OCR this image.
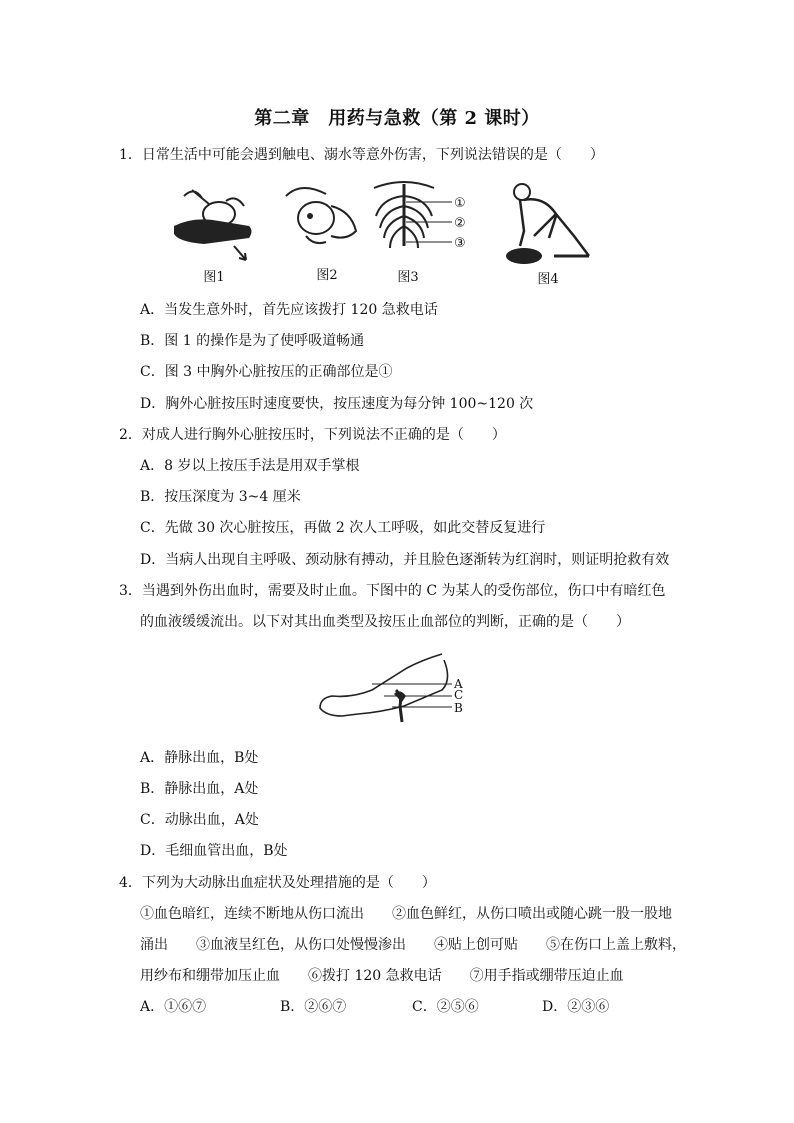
第二章　用药与急救（第 2 课时）
1．日常生活中可能会遇到触电、溺水等意外伤害，下列说法错误的是（　　）
①
②
③
图1	图2	图3	图4
A．当发生意外时，首先应该拨打 120 急救电话
B．图 1 的操作是为了使呼吸道畅通
C．图 3 中胸外心脏按压的正确部位是①
D．胸外心脏按压时速度要快，按压速度为每分钟 100~120 次
2．对成人进行胸外心脏按压时，下列说法不正确的是（　　）
A．8 岁以上按压手法是用双手掌根
B．按压深度为 3~4 厘米
C．先做 30 次心脏按压，再做 2 次人工呼吸，如此交替反复进行
D．当病人出现自主呼吸、颈动脉有搏动，并且脸色逐渐转为红润时，则证明抢救有效
3．当遇到外伤出血时，需要及时止血。下图中的 C 为某人的受伤部位，伤口中有暗红色
的血液缓缓流出。以下对其出血类型及按压止血部位的判断，正确的是（　　）
A
C
B
A．静脉出血，B处
B．静脉出血，A处
C．动脉出血，A处
D．毛细血管出血，B处
4．下列为大动脉出血症状及处理措施的是（　　）
①血色暗红，连续不断地从伤口流出　　②血色鲜红，从伤口喷出或随心跳一股一股地
涌出　　③血液呈红色，从伤口处慢慢渗出　　④贴上创可贴　　⑤在伤口上盖上敷料，
用纱布和绷带加压止血　　⑥拨打 120 急救电话　　⑦用手指或绷带压迫止血
A．①⑥⑦	B．②⑥⑦	C．②⑤⑥	D．②③⑥
